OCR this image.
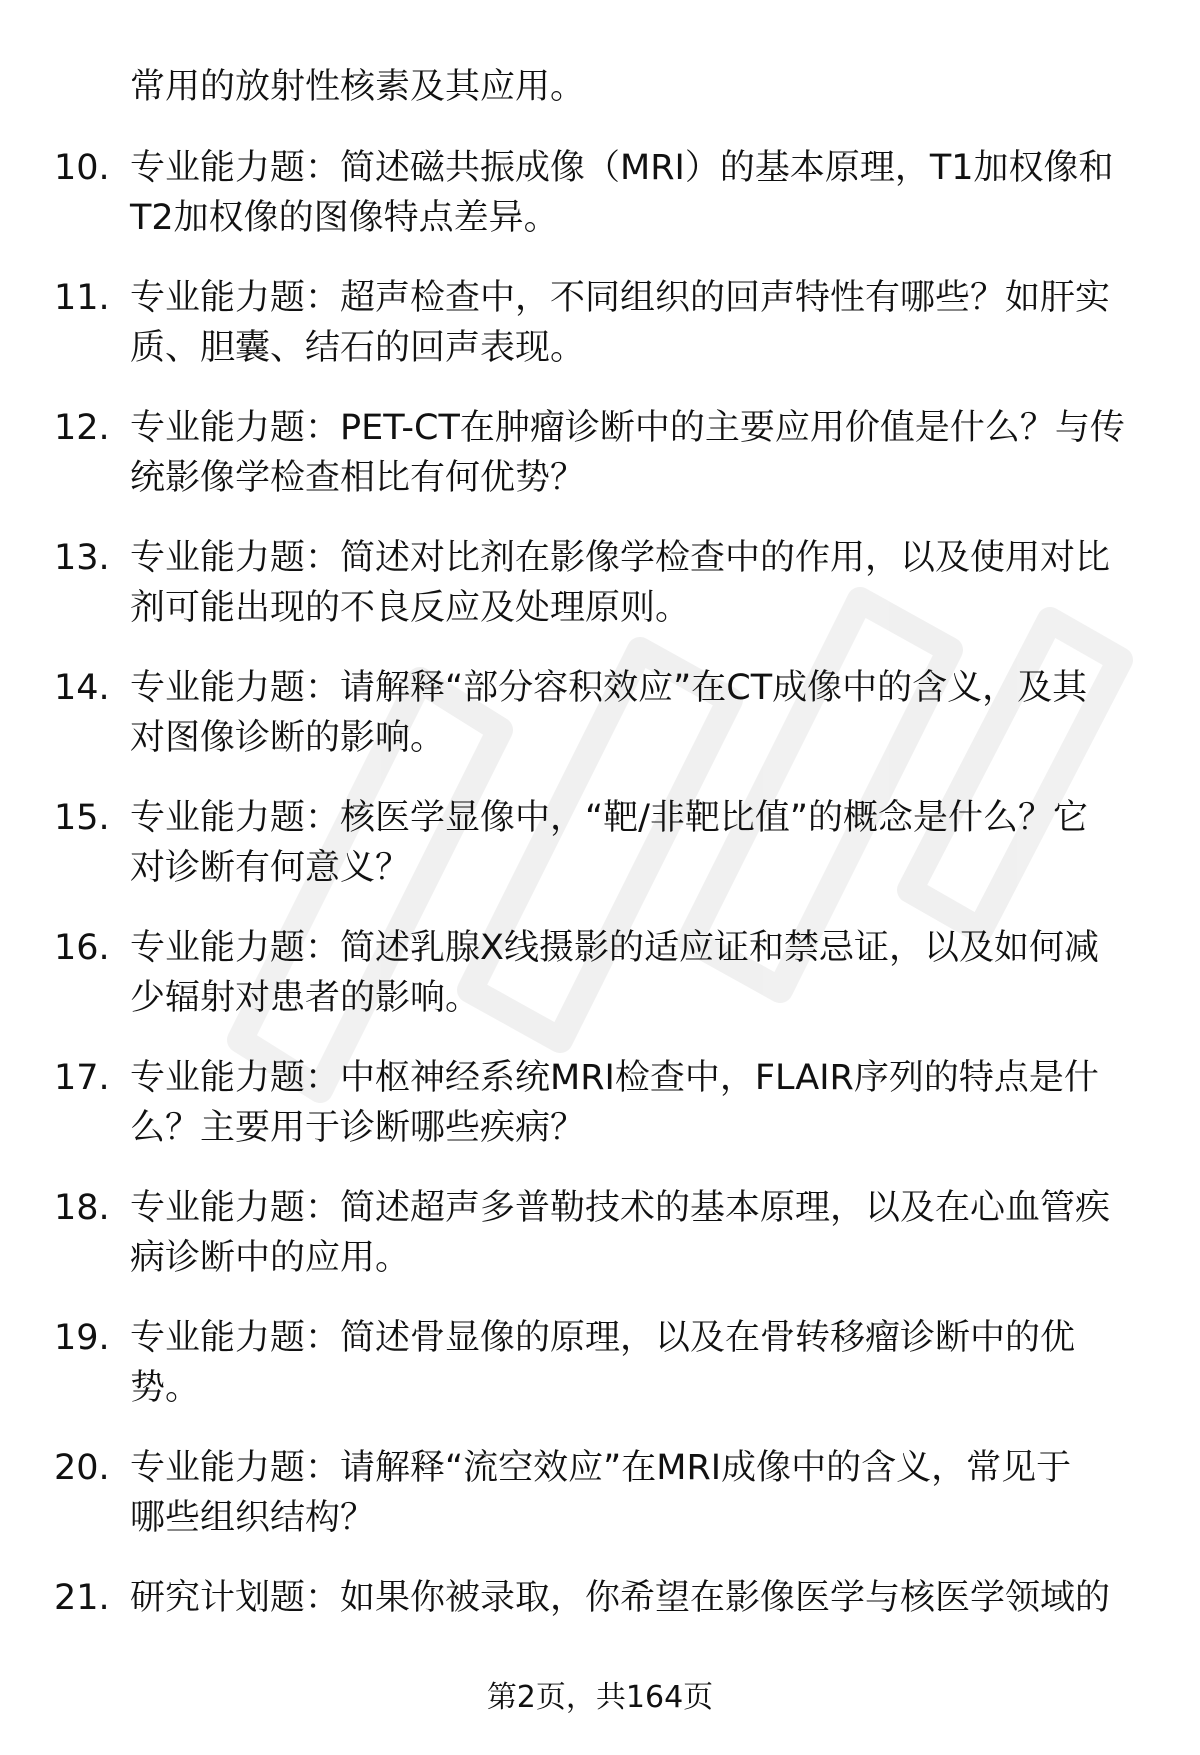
常用的放射性核素及其应用。
10. 专业能力题：简述磁共振成像（MRI）的基本原理，T1加权像和
T2加权像的图像特点差异。
11. 专业能力题：超声检查中，不同组织的回声特性有哪些？如肝实
质、胆囊、结石的回声表现。
12. 专业能力题：PET-CT在肿瘤诊断中的主要应用价值是什么？与传
统影像学检查相比有何优势？
13. 专业能力题：简述对比剂在影像学检查中的作用，以及使用对比
剂可能出现的不良反应及处理原则。
14. 专业能力题：请解释“部分容积效应”在CT成像中的含义，及其
对图像诊断的影响。
15. 专业能力题：核医学显像中，“靶/非靶比值”的概念是什么？它
对诊断有何意义？
16. 专业能力题：简述乳腺X线摄影的适应证和禁忌证，以及如何减
少辐射对患者的影响。
17. 专业能力题：中枢神经系统MRI检查中，FLAIR序列的特点是什
么？主要用于诊断哪些疾病？
18. 专业能力题：简述超声多普勒技术的基本原理，以及在心血管疾
病诊断中的应用。
19. 专业能力题：简述骨显像的原理，以及在骨转移瘤诊断中的优
势。
20. 专业能力题：请解释“流空效应”在MRI成像中的含义，常见于
哪些组织结构？
21. 研究计划题：如果你被录取，你希望在影像医学与核医学领域的
第2页，共164页
